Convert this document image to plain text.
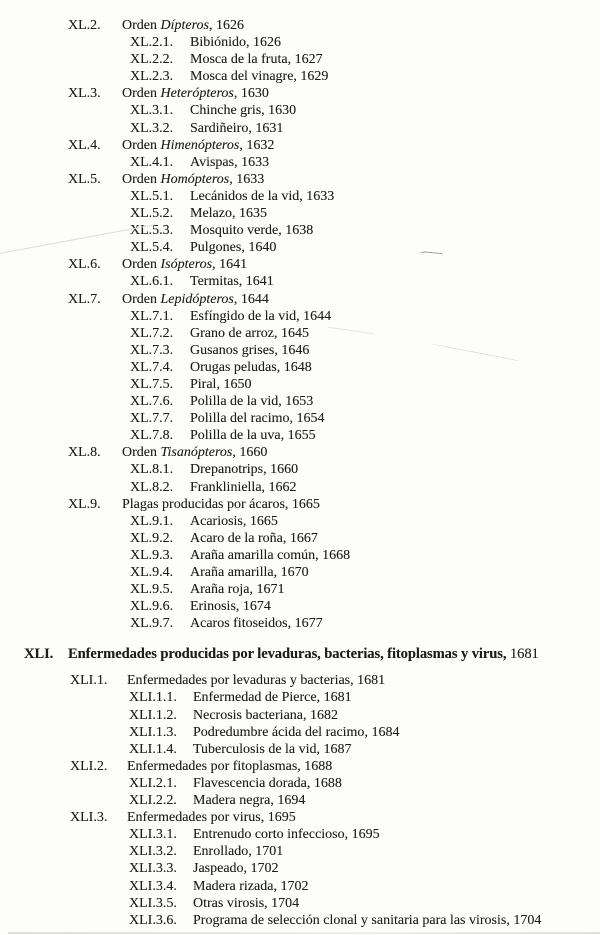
XL.2.	Orden Dípteros, 1626
XL.2.1.	Bibiónido, 1626
XL.2.2.	Mosca de la fruta, 1627
XL.2.3.	Mosca del vinagre, 1629
XL.3.	Orden Heterópteros, 1630
XL.3.1.	Chinche gris, 1630
XL.3.2.	Sardiñeiro, 1631
XL.4.	Orden Himenópteros, 1632
XL.4.1.	Avispas, 1633
XL.5.	Orden Homópteros, 1633
XL.5.1.	Lecánidos de la vid, 1633
XL.5.2.	Melazo, 1635
XL.5.3.	Mosquito verde, 1638
XL.5.4.	Pulgones, 1640
XL.6.	Orden Isópteros, 1641
XL.6.1.	Termitas, 1641
XL.7.	Orden Lepidópteros, 1644
XL.7.1.	Esfíngido de la vid, 1644
XL.7.2.	Grano de arroz, 1645
XL.7.3.	Gusanos grises, 1646
XL.7.4.	Orugas peludas, 1648
XL.7.5.	Piral, 1650
XL.7.6.	Polilla de la vid, 1653
XL.7.7.	Polilla del racimo, 1654
XL.7.8.	Polilla de la uva, 1655
XL.8.	Orden Tisanópteros, 1660
XL.8.1.	Drepanotrips, 1660
XL.8.2.	Frankliniella, 1662
XL.9.	Plagas producidas por ácaros, 1665
XL.9.1.	Acariosis, 1665
XL.9.2.	Acaro de la roña, 1667
XL.9.3.	Araña amarilla común, 1668
XL.9.4.	Araña amarilla, 1670
XL.9.5.	Araña roja, 1671
XL.9.6.	Erinosis, 1674
XL.9.7.	Acaros fitoseidos, 1677
XLI.	Enfermedades producidas por levaduras, bacterias, fitoplasmas y virus, 1681
XLI.1.	Enfermedades por levaduras y bacterias, 1681
XLI.1.1.	Enfermedad de Pierce, 1681
XLI.1.2.	Necrosis bacteriana, 1682
XLI.1.3.	Podredumbre ácida del racimo, 1684
XLI.1.4.	Tuberculosis de la vid, 1687
XLI.2.	Enfermedades por fitoplasmas, 1688
XLI.2.1.	Flavescencia dorada, 1688
XLI.2.2.	Madera negra, 1694
XLI.3.	Enfermedades por virus, 1695
XLI.3.1.	Entrenudo corto infeccioso, 1695
XLI.3.2.	Enrollado, 1701
XLI.3.3.	Jaspeado, 1702
XLI.3.4.	Madera rizada, 1702
XLI.3.5.	Otras virosis, 1704
XLI.3.6.	Programa de selección clonal y sanitaria para las virosis, 1704
